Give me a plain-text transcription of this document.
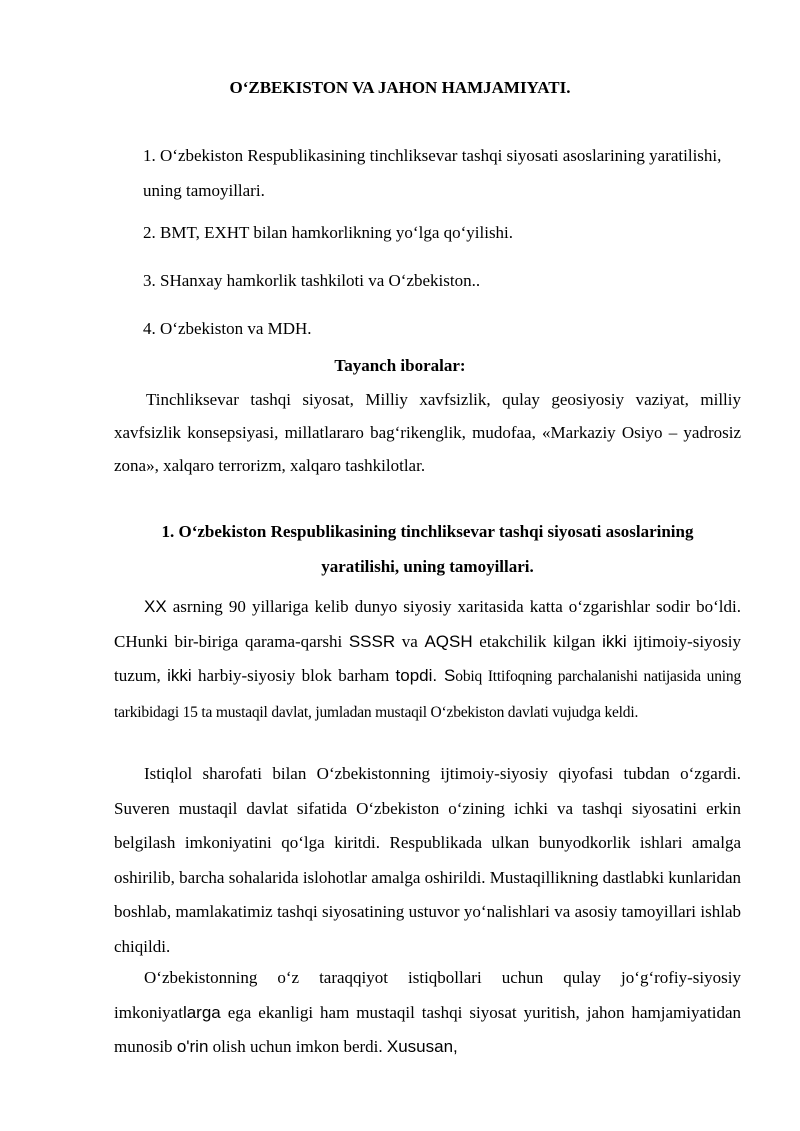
O‘ZBEKISTON VA JAHON HAMJAMIYATI.
1. O‘zbekiston Respublikasining tinchliksevar tashqi siyosati asoslarining yaratilishi, uning tamoyillari.
2. BMT, EXHT bilan hamkorlikning yo‘lga qo‘yilishi.
3. SHanxay hamkorlik tashkiloti va O‘zbekiston..
4. O‘zbekiston va MDH.
Tayanch iboralar:

Tinchliksevar tashqi siyosat, Milliy xavfsizlik, qulay geosiyosiy vaziyat, milliy xavfsizlik konsepsiyasi, millatlararo bag‘rikenglik, mudofaa, «Markaziy Osiyo – yadrosiz zona», xalqaro terrorizm, xalqaro tashkilotlar.

1. O‘zbekiston Respublikasining tinchliksevar tashqi siyosati asoslarining
yaratilishi, uning tamoyillari.

XX asrning 90 yillariga kelib dunyo siyosiy xaritasida katta o‘zgarishlar sodir bo‘ldi. CHunki bir-biriga qarama-qarshi SSSR va AQSH etakchilik kilgan ikki ijtimoiy-siyosiy tuzum, ikki harbiy-siyosiy blok barham topdi. Sobiq Ittifoqning parchalanishi natijasida uning tarkibidagi 15 ta mustaqil davlat, jumladan mustaqil O‘zbekiston davlati vujudga keldi.

Istiqlol sharofati bilan O‘zbekistonning ijtimoiy-siyosiy qiyofasi tubdan o‘zgardi. Suveren mustaqil davlat sifatida O‘zbekiston o‘zining ichki va tashqi siyosatini erkin belgilash imkoniyatini qo‘lga kiritdi. Respublikada ulkan bunyodkorlik ishlari amalga oshirilib, barcha sohalarida islohotlar amalga oshirildi. Mustaqillikning dastlabki kunlaridan boshlab, mamlakatimiz tashqi siyosatining ustuvor yo‘nalishlari va asosiy tamoyillari ishlab chiqildi.

O‘zbekistonning o‘z taraqqiyot istiqbollari uchun qulay jo‘g‘rofiy-siyosiy imkoniyatlarga ega ekanligi ham mustaqil tashqi siyosat yuritish, jahon hamjamiyatidan munosib o'rin olish uchun imkon berdi. Xususan,
